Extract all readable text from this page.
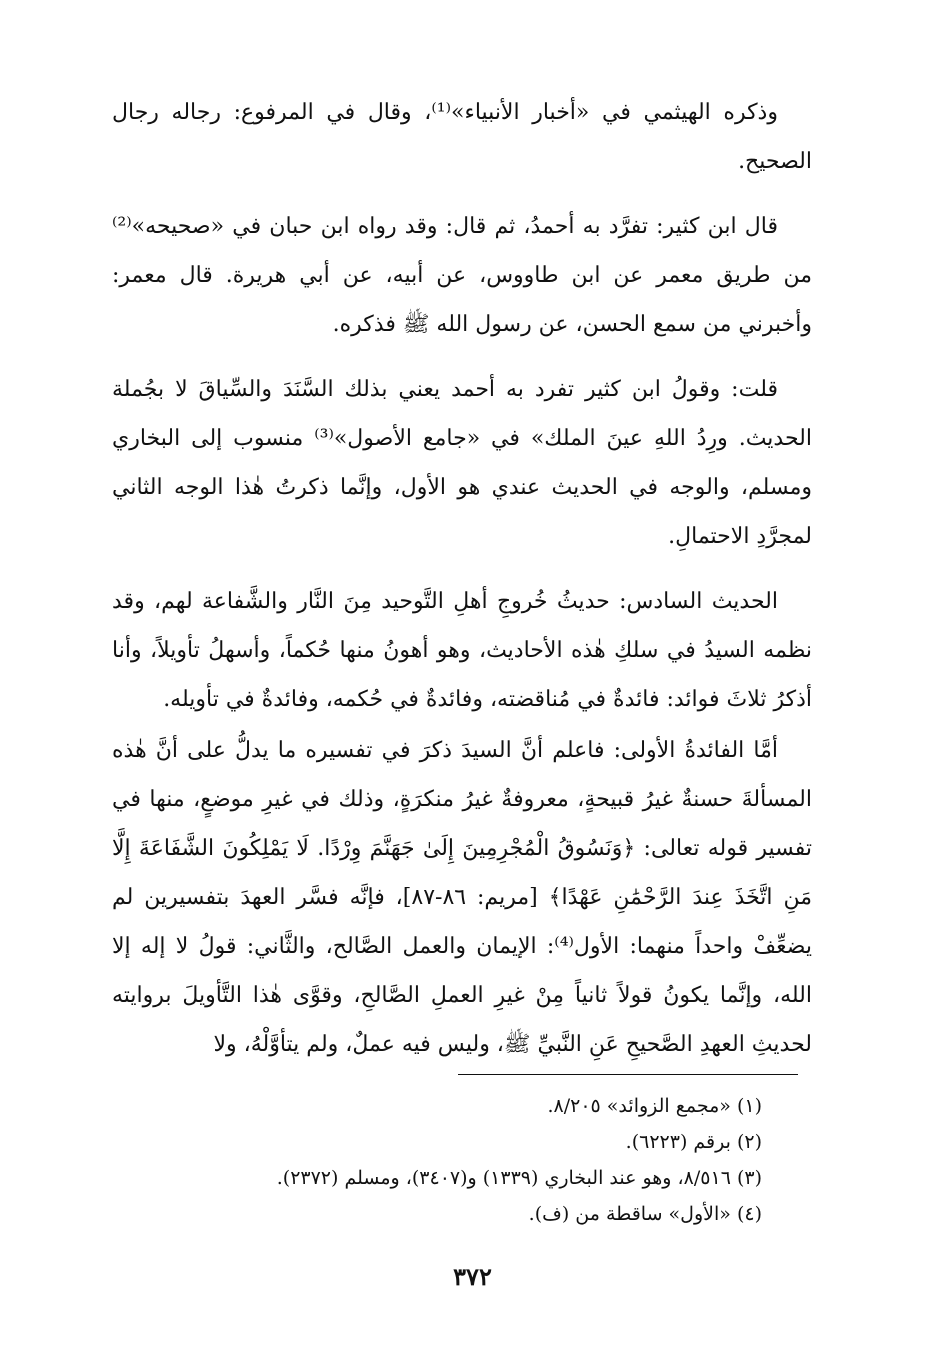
وذكره الهيثمي في «أخبار الأنبياء»⁽¹⁾، وقال في المرفوع: رجاله رجال الصحيح.

قال ابن كثير: تفرَّد به أحمدُ، ثم قال: وقد رواه ابن حبان في «صحيحه»⁽²⁾ من طريق معمر عن ابن طاووس، عن أبيه، عن أبي هريرة. قال معمر: وأخبرني من سمع الحسن، عن رسول الله ﷺ فذكره.

قلت: وقولُ ابن كثير تفرد به أحمد يعني بذلك السَّنَدَ والسِّياقَ لا بجُملة الحديث. ورِدُ اللهِ عينَ الملك» في «جامع الأصول»⁽³⁾ منسوب إلى البخاري ومسلم، والوجه في الحديث عندي هو الأول، وإنَّما ذكرتُ هٰذا الوجه الثاني لمجرَّدِ الاحتمالِ.

الحديث السادس: حديثُ خُروجِ أهلِ التَّوحيد مِنَ النَّار والشَّفاعة لهم، وقد نظمه السيدُ في سلكِ هٰذه الأحاديث، وهو أهونُ منها حُكماً، وأسهلُ تأويلاً، وأنا أذكرُ ثلاثَ فوائد: فائدةٌ في مُناقضته، وفائدةٌ في حُكمه، وفائدةٌ في تأويله.

أمَّا الفائدةُ الأولى: فاعلم أنَّ السيدَ ذكرَ في تفسيره ما يدلُّ على أنَّ هٰذه المسألةَ حسنةٌ غيرُ قبيحةٍ، معروفةٌ غيرُ منكرَةٍ، وذلك في غيرِ موضعٍ، منها في تفسير قوله تعالى: ﴿وَنَسُوقُ الْمُجْرِمِينَ إِلَىٰ جَهَنَّمَ وِرْدًا. لَا يَمْلِكُونَ الشَّفَاعَةَ إِلَّا مَنِ اتَّخَذَ عِندَ الرَّحْمَٰنِ عَهْدًا﴾ [مريم: ٨٦-٨٧]، فإنَّه فسَّر العهدَ بتفسيرين لم يضعِّفْ واحداً منهما: الأول⁽⁴⁾: الإيمان والعمل الصَّالح، والثَّاني: قولُ لا إله إلا الله، وإنَّما يكونُ قولاً ثانياً مِنْ غيرِ العملِ الصَّالحِ، وقوَّى هٰذا التَّأويلَ بروايته لحديثِ العهدِ الصَّحيحِ عَنِ النَّبيِّ ﷺ، وليس فيه عملٌ، ولم يتأوَّلْهُ، ولا

(١) «مجمع الزوائد» ٨/٢٠٥.

(٢) برقم (٦٢٢٣).

(٣) ٨/٥١٦، وهو عند البخاري (١٣٣٩) و(٣٤٠٧)، ومسلم (٢٣٧٢).

(٤) «الأول» ساقطة من (ف).

٣٧٢
